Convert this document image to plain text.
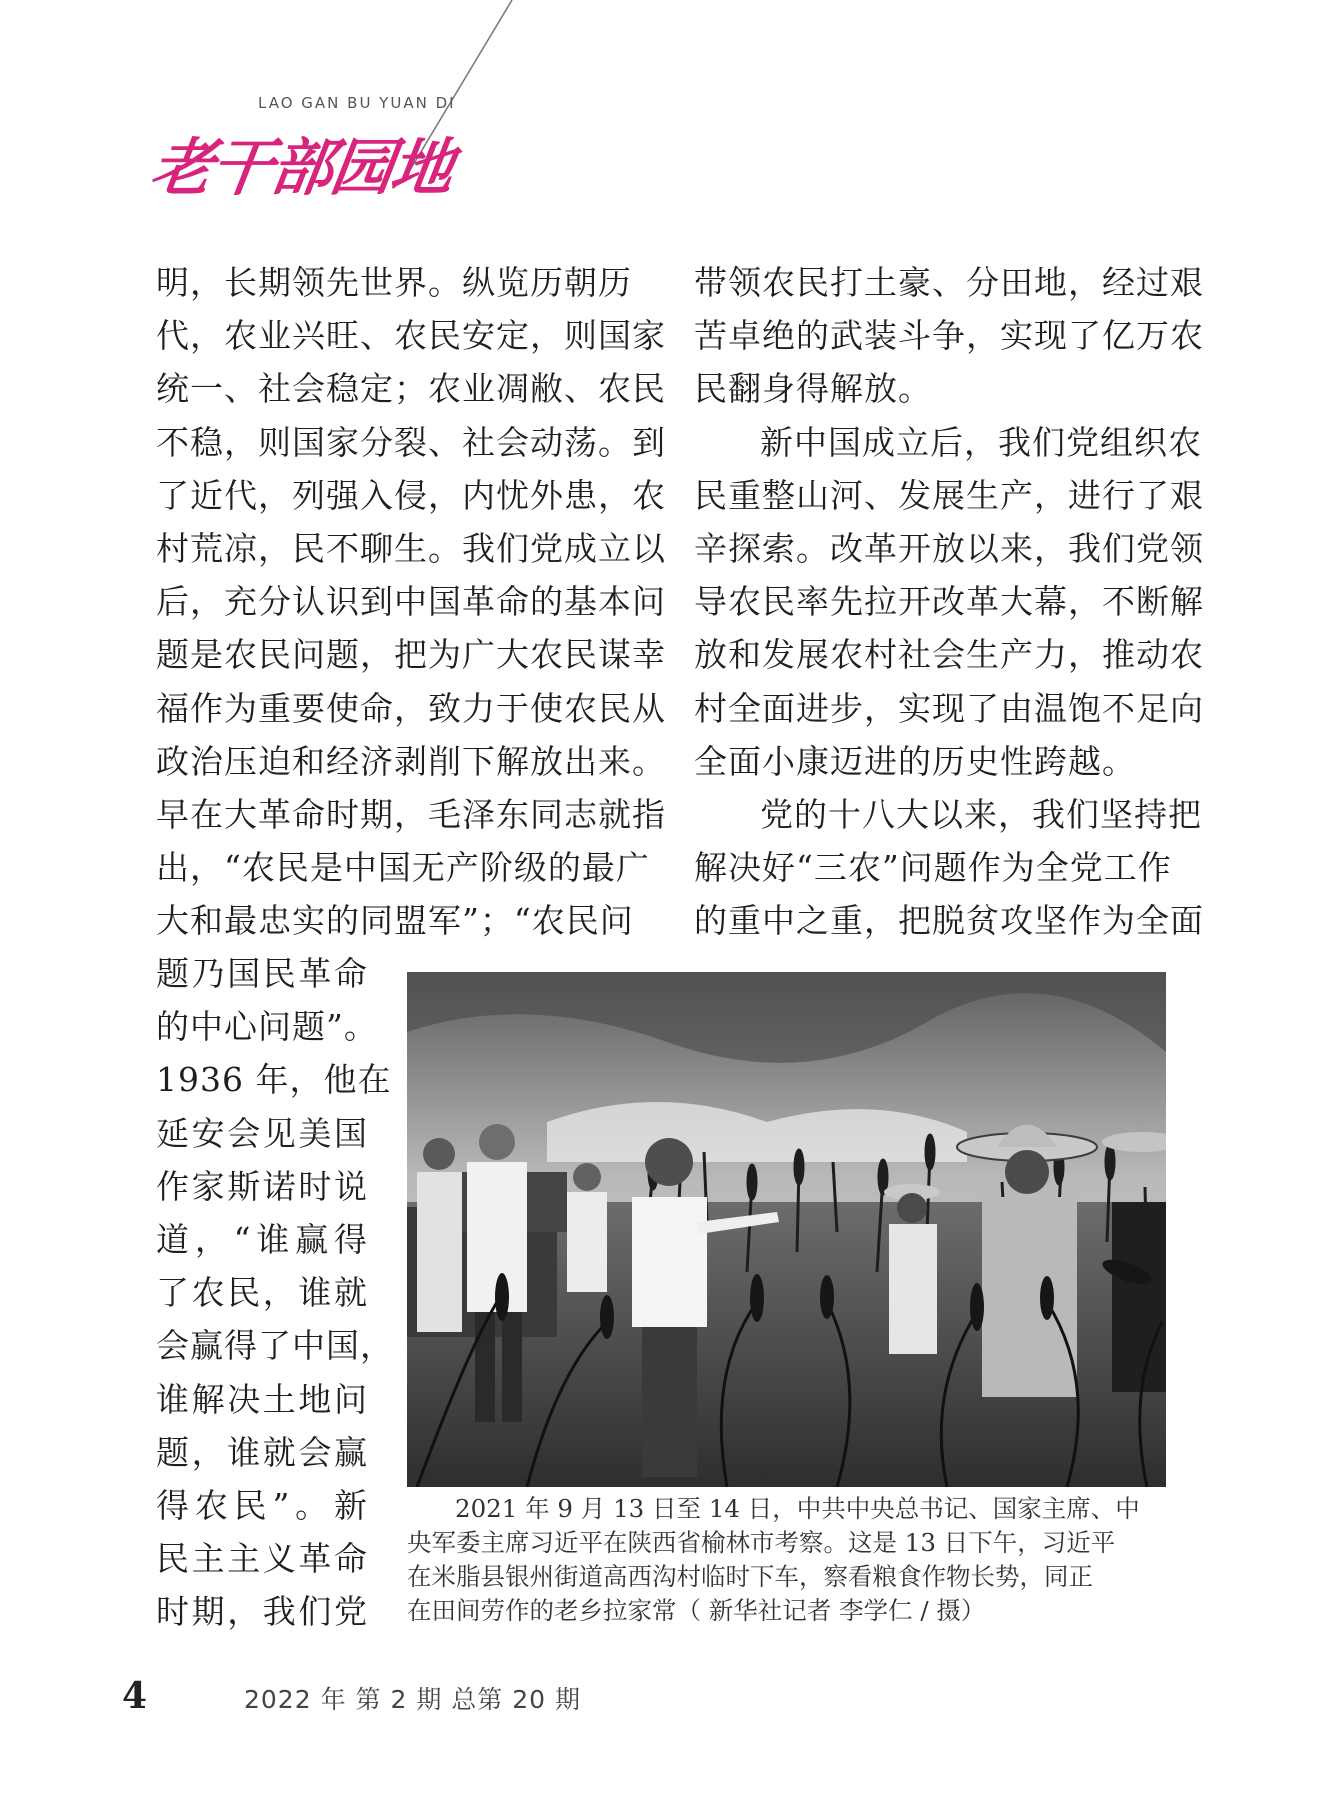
LAO GAN BU YUAN DI
老干部园地

明，长期领先世界。纵览历朝历
代，农业兴旺、农民安定，则国家
统一、社会稳定；农业凋敝、农民
不稳，则国家分裂、社会动荡。到
了近代，列强入侵，内忧外患，农
村荒凉，民不聊生。我们党成立以
后，充分认识到中国革命的基本问
题是农民问题，把为广大农民谋幸
福作为重要使命，致力于使农民从
政治压迫和经济剥削下解放出来。
早在大革命时期，毛泽东同志就指
出，“农民是中国无产阶级的最广
大和最忠实的同盟军”；“农民问

题乃国民革命
的中心问题”。
1936 年，他在
延安会见美国
作家斯诺时说
道，“谁赢得
了农民，谁就
会赢得了中国，
谁解决土地问
题，谁就会赢
得农民”。新
民主主义革命
时期，我们党

带领农民打土豪、分田地，经过艰
苦卓绝的武装斗争，实现了亿万农
民翻身得解放。

新中国成立后，我们党组织农
民重整山河、发展生产，进行了艰
辛探索。改革开放以来，我们党领
导农民率先拉开改革大幕，不断解
放和发展农村社会生产力，推动农
村全面进步，实现了由温饱不足向
全面小康迈进的历史性跨越。

党的十八大以来，我们坚持把
解决好“三农”问题作为全党工作
的重中之重，把脱贫攻坚作为全面

2021 年 9 月 13 日至 14 日，中共中央总书记、国家主席、中
央军委主席习近平在陕西省榆林市考察。这是 13 日下午，习近平
在米脂县银州街道高西沟村临时下车，察看粮食作物长势，同正
在田间劳作的老乡拉家常（ 新华社记者 李学仁 / 摄）
4	2022 年 第 2 期 总第 20 期
